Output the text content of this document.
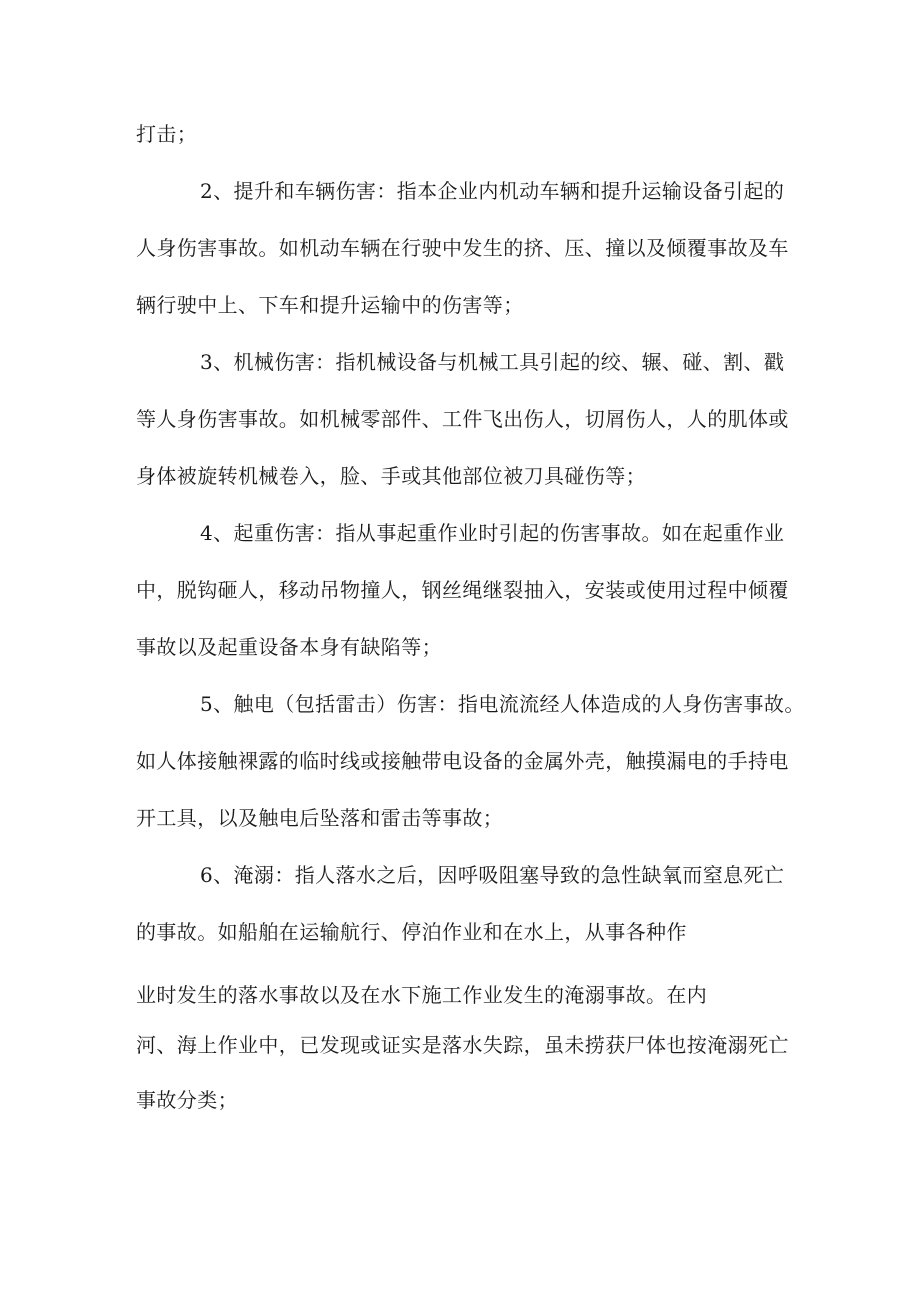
打击；
2、提升和车辆伤害：指本企业内机动车辆和提升运输设备引起的
人身伤害事故。如机动车辆在行驶中发生的挤、压、撞以及倾覆事故及车
辆行驶中上、下车和提升运输中的伤害等；
3、机械伤害：指机械设备与机械工具引起的绞、辗、碰、割、戳
等人身伤害事故。如机械零部件、工件飞出伤人，切屑伤人，人的肌体或
身体被旋转机械卷入，脸、手或其他部位被刀具碰伤等；
4、起重伤害：指从事起重作业时引起的伤害事故。如在起重作业
中，脱钩砸人，移动吊物撞人，钢丝绳继裂抽入，安装或使用过程中倾覆
事故以及起重设备本身有缺陷等；
5、触电（包括雷击）伤害：指电流流经人体造成的人身伤害事故。
如人体接触裸露的临时线或接触带电设备的金属外壳，触摸漏电的手持电
开工具，以及触电后坠落和雷击等事故；
6、淹溺：指人落水之后，因呼吸阻塞导致的急性缺氧而窒息死亡
的事故。如船舶在运输航行、停泊作业和在水上，从事各种作
业时发生的落水事故以及在水下施工作业发生的淹溺事故。在内
河、海上作业中，已发现或证实是落水失踪，虽未捞获尸体也按淹溺死亡
事故分类；
